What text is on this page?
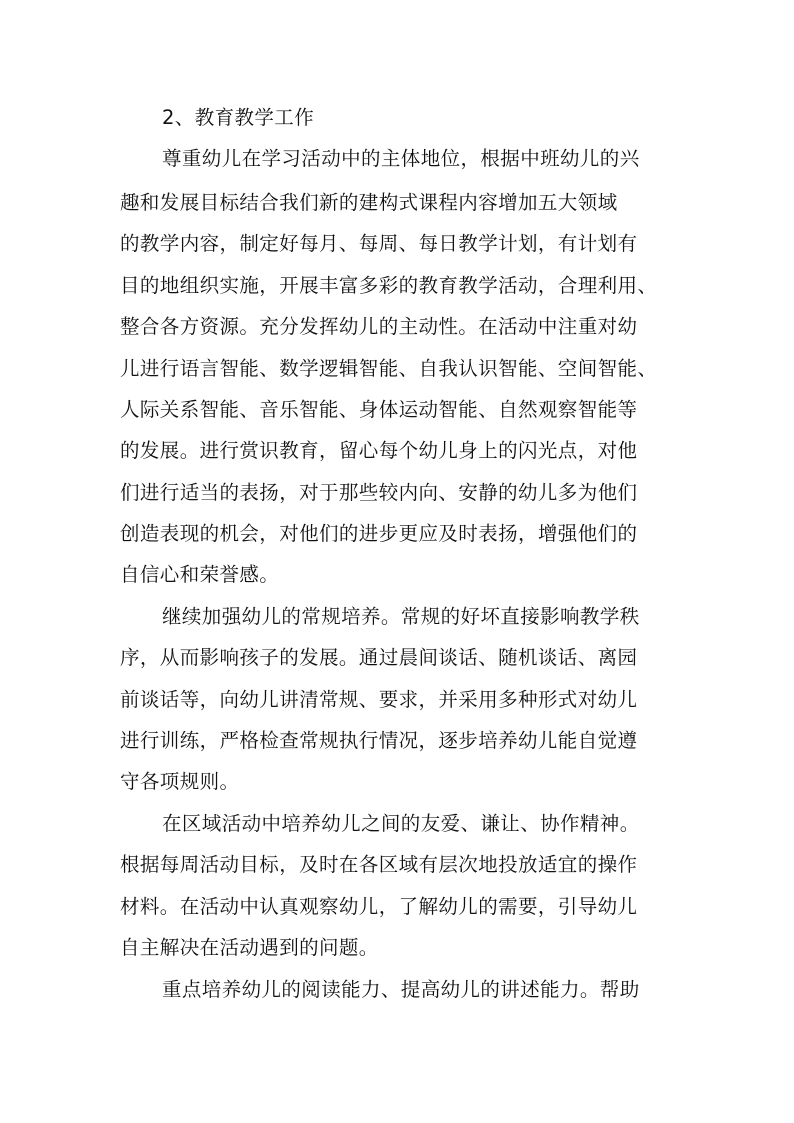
2、教育教学工作
尊重幼儿在学习活动中的主体地位，根据中班幼儿的兴
趣和发展目标结合我们新的建构式课程内容增加五大领域
的教学内容，制定好每月、每周、每日教学计划，有计划有
目的地组织实施，开展丰富多彩的教育教学活动，合理利用、
整合各方资源。充分发挥幼儿的主动性。在活动中注重对幼
儿进行语言智能、数学逻辑智能、自我认识智能、空间智能、
人际关系智能、音乐智能、身体运动智能、自然观察智能等
的发展。进行赏识教育，留心每个幼儿身上的闪光点，对他
们进行适当的表扬，对于那些较内向、安静的幼儿多为他们
创造表现的机会，对他们的进步更应及时表扬，增强他们的
自信心和荣誉感。
继续加强幼儿的常规培养。常规的好坏直接影响教学秩
序，从而影响孩子的发展。通过晨间谈话、随机谈话、离园
前谈话等，向幼儿讲清常规、要求，并采用多种形式对幼儿
进行训练，严格检查常规执行情况，逐步培养幼儿能自觉遵
守各项规则。
在区域活动中培养幼儿之间的友爱、谦让、协作精神。
根据每周活动目标，及时在各区域有层次地投放适宜的操作
材料。在活动中认真观察幼儿，了解幼儿的需要，引导幼儿
自主解决在活动遇到的问题。
重点培养幼儿的阅读能力、提高幼儿的讲述能力。帮助
